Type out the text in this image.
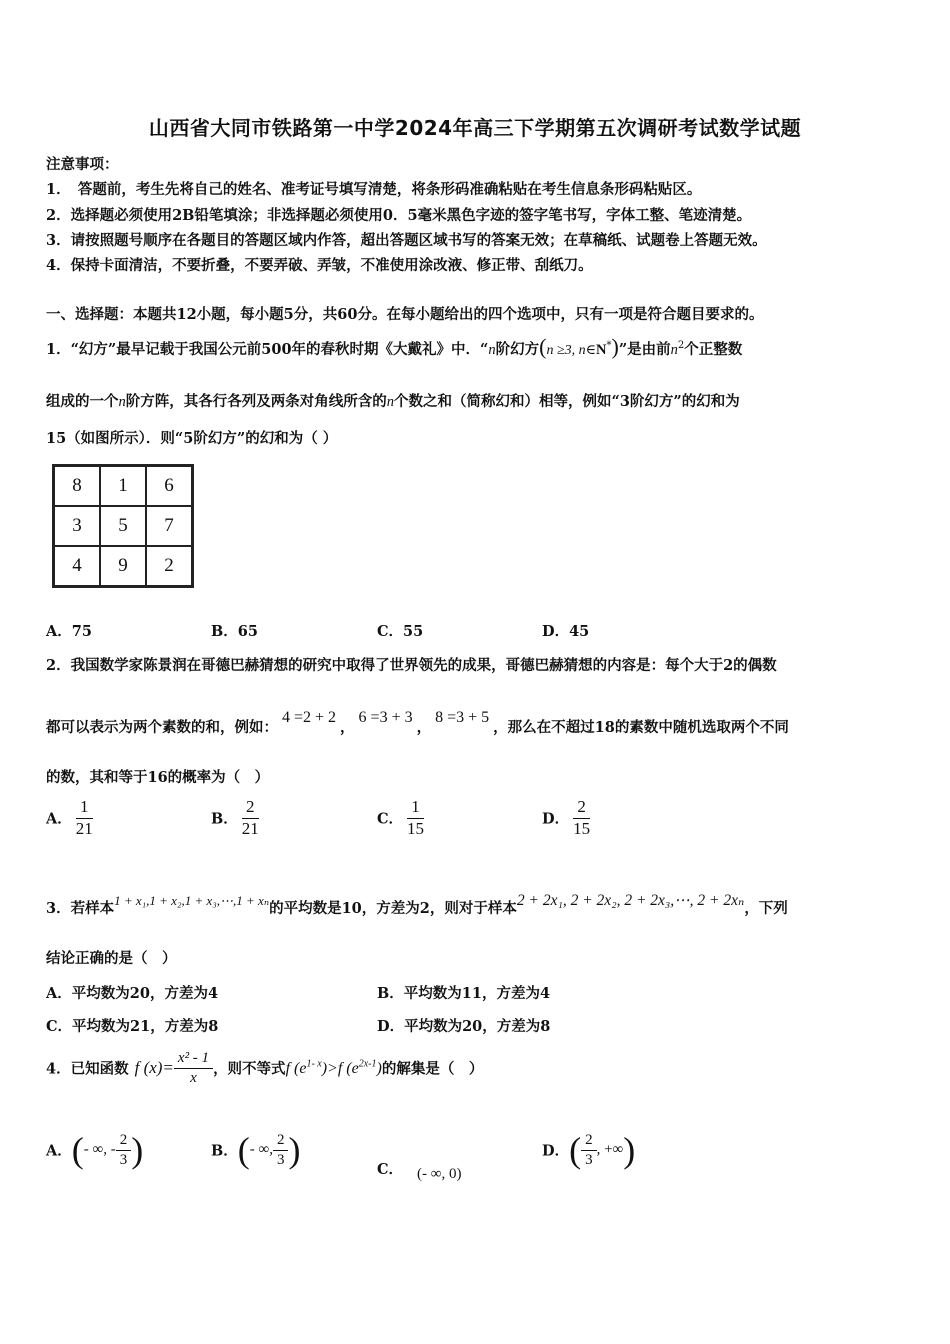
山西省大同市铁路第一中学2024年高三下学期第五次调研考试数学试题
注意事项：
1．　答题前，考生先将自己的姓名、准考证号填写清楚，将条形码准确粘贴在考生信息条形码粘贴区。
2．选择题必须使用2B铅笔填涂；非选择题必须使用0．5毫米黑色字迹的签字笔书写，字体工整、笔迹清楚。
3．请按照题号顺序在各题目的答题区域内作答，超出答题区域书写的答案无效；在草稿纸、试题卷上答题无效。
4．保持卡面清洁，不要折叠，不要弄破、弄皱，不准使用涂改液、修正带、刮纸刀。
一、选择题：本题共12小题，每小题5分，共60分。在每小题给出的四个选项中，只有一项是符合题目要求的。
1．“幻方”最早记载于我国公元前500年的春秋时期《大戴礼》中．“n阶幻方(n ≥3, n∈N*)”是由前$n^2$个正整数
组成的一个n阶方阵，其各行各列及两条对角线所含的n个数之和（简称幻和）相等，例如“3阶幻方”的幻和为
15（如图所示）．则“5阶幻方”的幻和为（ ）
8	1	6
3	5	7
4	9	2
A．75	B．65	C．55	D．45
2．我国数学家陈景润在哥德巴赫猜想的研究中取得了世界领先的成果，哥德巴赫猜想的内容是：每个大于2的偶数
都可以表示为两个素数的和，例如：4 =2 + 2，6 =3 + 3，8 =3 + 5，那么在不超过18的素数中随机选取两个不同
的数，其和等于16的概率为（　）
A． $\frac{1}{21}$	B． $\frac{2}{21}$	C． $\frac{1}{15}$	D． $\frac{2}{15}$
3．若样本1 + x₁,1 + x₂,1 + x₃,⋯,1 + xₙ的平均数是10，方差为2，则对于样本2 + 2x₁, 2 + 2x₂, 2 + 2x₃,⋯, 2 + 2xₙ，下列
结论正确的是（　）
A．平均数为20，方差为4	B．平均数为11，方差为4
C．平均数为21，方差为8	D．平均数为20，方差为8
4．已知函数 f $(x)= \frac{\text{x² - 1}}{x}$ ，则不等式f $(e^{1- x})>f$ $(e^{2x-1})$的解集是（　）
A．(- ∞, - $\frac{2}{3}$ )	B．(- ∞, $\frac{2}{3}$ )	C． (- ∞, 0)
D．( $\frac{2}{3}$ , +∞)
